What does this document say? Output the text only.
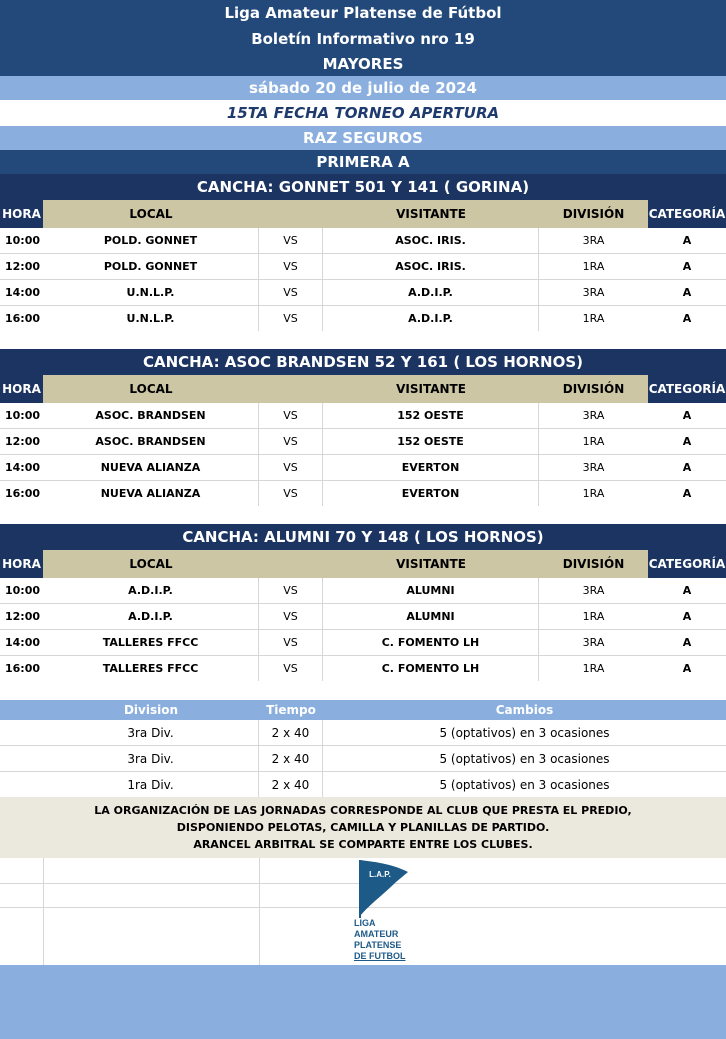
Liga Amateur Platense de Fútbol
Boletín Informativo nro 19
MAYORES
sábado 20 de julio de 2024
15TA FECHA TORNEO APERTURA
RAZ SEGUROS
PRIMERA A
CANCHA: GONNET 501 Y 141 ( GORINA)
HORA	LOCAL	VISITANTE	DIVISIÓN	CATEGORÍA
10:00	POLD. GONNET	VS	ASOC. IRIS.	3RA	A
12:00	POLD. GONNET	VS	ASOC. IRIS.	1RA	A
14:00	U.N.L.P.	VS	A.D.I.P.	3RA	A
16:00	U.N.L.P.	VS	A.D.I.P.	1RA	A
CANCHA: ASOC BRANDSEN 52 Y 161 ( LOS HORNOS)
HORA	LOCAL	VISITANTE	DIVISIÓN	CATEGORÍA
10:00	ASOC. BRANDSEN	VS	152 OESTE	3RA	A
12:00	ASOC. BRANDSEN	VS	152 OESTE	1RA	A
14:00	NUEVA ALIANZA	VS	EVERTON	3RA	A
16:00	NUEVA ALIANZA	VS	EVERTON	1RA	A
CANCHA: ALUMNI 70 Y 148 ( LOS HORNOS)
HORA	LOCAL	VISITANTE	DIVISIÓN	CATEGORÍA
10:00	A.D.I.P.	VS	ALUMNI	3RA	A
12:00	A.D.I.P.	VS	ALUMNI	1RA	A
14:00	TALLERES FFCC	VS	C. FOMENTO LH	3RA	A
16:00	TALLERES FFCC	VS	C. FOMENTO LH	1RA	A
Division	Tiempo	Cambios
3ra Div.	2 x 40	5 (optativos) en 3 ocasiones
3ra Div.	2 x 40	5 (optativos) en 3 ocasiones
1ra Div.	2 x 40	5 (optativos) en 3 ocasiones
LA ORGANIZACIÓN DE LAS JORNADAS CORRESPONDE AL CLUB QUE PRESTA EL PREDIO,
DISPONIENDO PELOTAS, CAMILLA Y PLANILLAS DE PARTIDO.
ARANCEL ARBITRAL SE COMPARTE ENTRE LOS CLUBES.
L.A.P.
LIGA
AMATEUR
PLATENSE
DE FUTBOL
